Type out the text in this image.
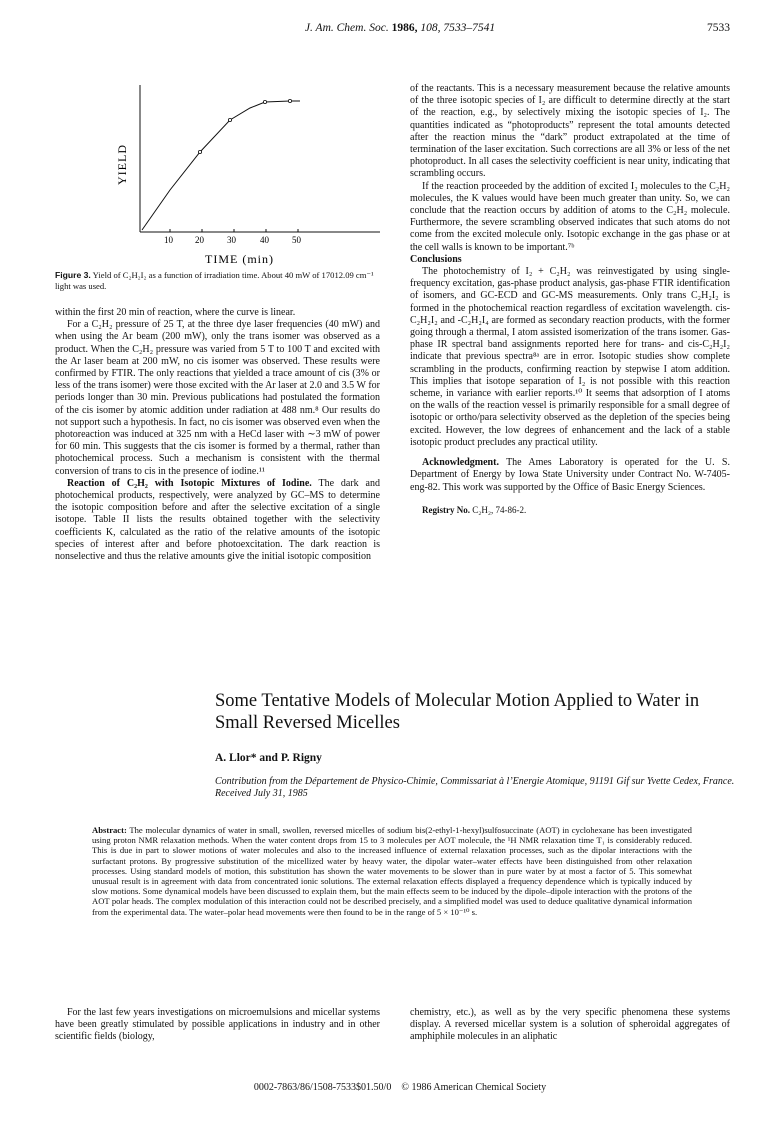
J. Am. Chem. Soc. 1986, 108, 7533–7541	7533
YIELD
10 20	30	40	50
TIME (min)
Figure 3. Yield of C₂H₂I₂ as a function of irradiation time. About 40 mW of 17012.09 cm⁻¹ light was used.

within the first 20 min of reaction, where the curve is linear.

For a C₂H₂ pressure of 25 T, at the three dye laser frequencies (40 mW) and when using the Ar beam (200 mW), only the trans isomer was observed as a product. When the C₂H₂ pressure was varied from 5 T to 100 T and excited with the Ar laser beam at 200 mW, no cis isomer was observed. These results were confirmed by FTIR. The only reactions that yielded a trace amount of cis (3% or less of the trans isomer) were those excited with the Ar laser at 2.0 and 3.5 W for periods longer than 30 min. Previous publications had postulated the formation of the cis isomer by atomic addition under radiation at 488 nm.⁸ Our results do not support such a hypothesis. In fact, no cis isomer was observed even when the photoreaction was induced at 325 nm with a HeCd laser with ∼3 mW of power for 60 min. This suggests that the cis isomer is formed by a thermal, rather than photochemical process. Such a mechanism is consistent with the thermal conversion of trans to cis in the presence of iodine.¹¹

Reaction of C₂H₂ with Isotopic Mixtures of Iodine. The dark and photochemical products, respectively, were analyzed by GC–MS to determine the isotopic composition before and after the selective excitation of a single isotope. Table II lists the results obtained together with the selectivity coefficients K, calculated as the ratio of the relative amounts of the isotopic species of interest after and before photoexcitation. The dark reaction is nonselective and thus the relative amounts give the initial isotopic composition

of the reactants. This is a necessary measurement because the relative amounts of the three isotopic species of I₂ are difficult to determine directly at the start of the reaction, e.g., by selectively mixing the isotopic species of I₂. The quantities indicated as “photoproducts” represent the total amounts detected after the reaction minus the “dark” product extrapolated at the time of termination of the laser excitation. Such corrections are all 3% or less of the net photoproduct. In all cases the selectivity coefficient is near unity, indicating that scrambling occurs.

If the reaction proceeded by the addition of excited I₂ molecules to the C₂H₂ molecules, the K values would have been much greater than unity. So, we can conclude that the reaction occurs by addition of atoms to the C₂H₂ molecule. Furthermore, the severe scrambling observed indicates that such atoms do not come from the excited molecule only. Isotopic exchange in the gas phase or at the cell walls is known to be important.⁷ᵇ

Conclusions

The photochemistry of I₂ + C₂H₂ was reinvestigated by using single-frequency excitation, gas-phase product analysis, gas-phase FTIR identification of isomers, and GC-ECD and GC-MS measurements. Only trans C₂H₂I₂ is formed in the photochemical reaction regardless of excitation wavelength. cis-C₂H₂I₂ and -C₂H₂I₄ are formed as secondary reaction products, with the former going through a thermal, I atom assisted isomerization of the trans isomer. Gas-phase IR spectral band assignments reported here for trans- and cis-C₂H₂I₂ indicate that previous spectra⁸ᵃ are in error. Isotopic studies show complete scrambling in the products, confirming reaction by stepwise I atom addition. This implies that isotope separation of I₂ is not possible with this reaction scheme, in variance with earlier reports.¹⁰ It seems that adsorption of I atoms on the walls of the reaction vessel is primarily responsible for a small degree of isotopic or ortho/para selectivity observed as the depletion of the species being excited. However, the low degrees of enhancement and the lack of a stable isotopic product precludes any practical utility.

Acknowledgment. The Ames Laboratory is operated for the U. S. Department of Energy by Iowa State University under Contract No. W-7405-eng-82. This work was supported by the Office of Basic Energy Sciences.

Registry No. C₂H₂, 74-86-2.

Some Tentative Models of Molecular Motion Applied to Water in Small Reversed Micelles
A. Llor* and P. Rigny
Contribution from the Département de Physico-Chimie, Commissariat à l’Energie Atomique, 91191 Gif sur Yvette Cedex, France. Received July 31, 1985
Abstract: The molecular dynamics of water in small, swollen, reversed micelles of sodium bis(2-ethyl-1-hexyl)sulfosuccinate (AOT) in cyclohexane has been investigated using proton NMR relaxation methods. When the water content drops from 15 to 3 molecules per AOT molecule, the ¹H NMR relaxation time T₁ is considerably reduced. This is due in part to slower motions of water molecules and also to the increased influence of external relaxation processes, such as the dipolar interactions with the surfactant protons. By progressive substitution of the micellized water by heavy water, the dipolar water–water effects have been distinguished from other relaxation processes. Using standard models of motion, this substitution has shown the water movements to be slower than in pure water by at most a factor of 5. This somewhat unusual result is in agreement with data from concentrated ionic solutions. The external relaxation effects displayed a frequency dependence which is typically induced by slow motions. Some dynamical models have been discussed to explain them, but the main effects seem to be induced by the dipole–dipole interaction with the protons of the AOT polar heads. The complex modulation of this interaction could not be described precisely, and a simplified model was used to deduce qualitative dynamical information from the experimental data. The water–polar head movements were then found to be in the range of 5 × 10⁻¹⁰ s.

For the last few years investigations on microemulsions and micellar systems have been greatly stimulated by possible applications in industry and in other scientific fields (biology,

chemistry, etc.), as well as by the very specific phenomena these systems display. A reversed micellar system is a solution of spheroidal aggregates of amphiphile molecules in an aliphatic

0002-7863/86/1508-7533$01.50/0 © 1986 American Chemical Society
